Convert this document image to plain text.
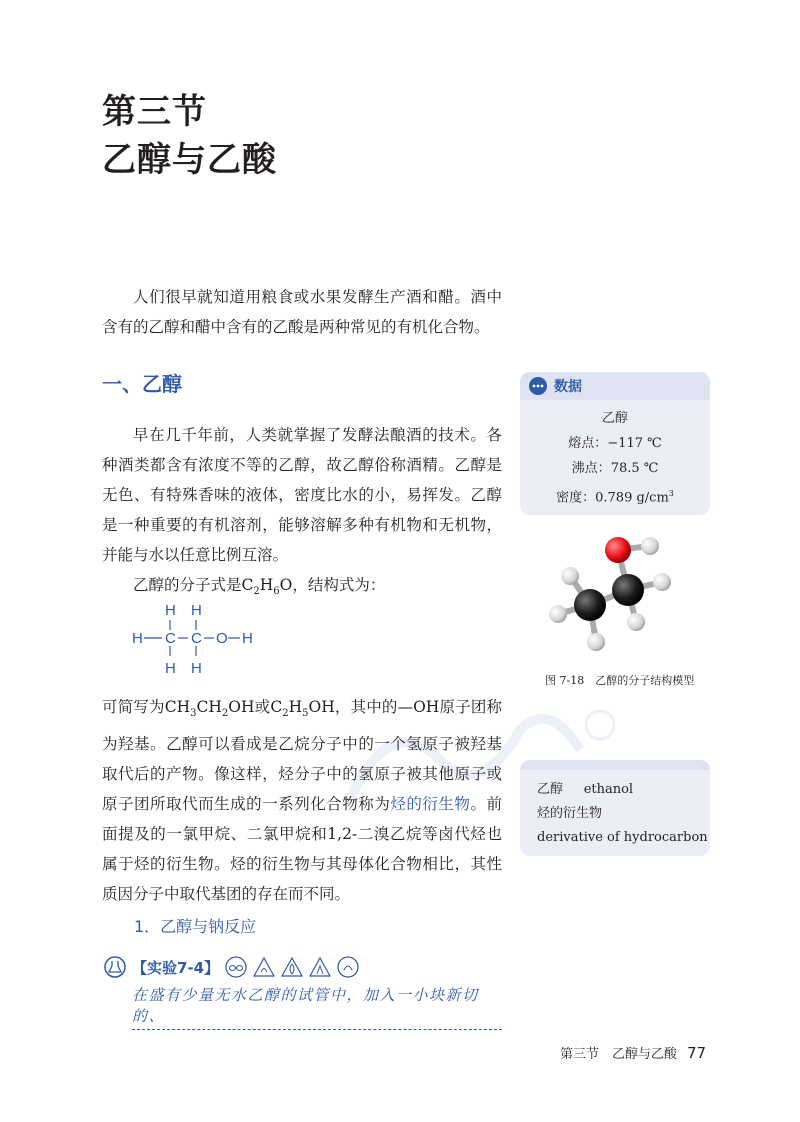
第三节
乙醇与乙酸

人们很早就知道用粮食或水果发酵生产酒和醋。酒中含有的乙醇和醋中含有的乙酸是两种常见的有机化合物。

一、乙醇

早在几千年前，人类就掌握了发酵法酿酒的技术。各种酒类都含有浓度不等的乙醇，故乙醇俗称酒精。乙醇是无色、有特殊香味的液体，密度比水的小，易挥发。乙醇是一种重要的有机溶剂，能够溶解多种有机物和无机物，并能与水以任意比例互溶。

乙醇的分子式是$C_2H_6O$，结构式为：

H H
H C C O H
H H

可简写为$CH_3CH_2OH$或$C_2H_5OH$，其中的—OH原子团称为羟基。乙醇可以看成是乙烷分子中的一个氢原子被羟基取代后的产物。像这样，烃分子中的氢原子被其他原子或原子团所取代而生成的一系列化合物称为烃的衍生物。前面提及的一氯甲烷、二氯甲烷和1,2-二溴乙烷等卤代烃也属于烃的衍生物。烃的衍生物与其母体化合物相比，其性质因分子中取代基团的存在而不同。

1．乙醇与钠反应
【实验7-4】
在盛有少量无水乙醇的试管中，加入一小块新切的、
数据
乙醇
熔点：−117 ℃
沸点：78.5 ℃
密度：0.789 $g/cm^3$
图 7-18　乙醇的分子结构模型
乙醇 ethanol
烃的衍生物
derivative of hydrocarbon
第三节　乙醇与乙酸 77
